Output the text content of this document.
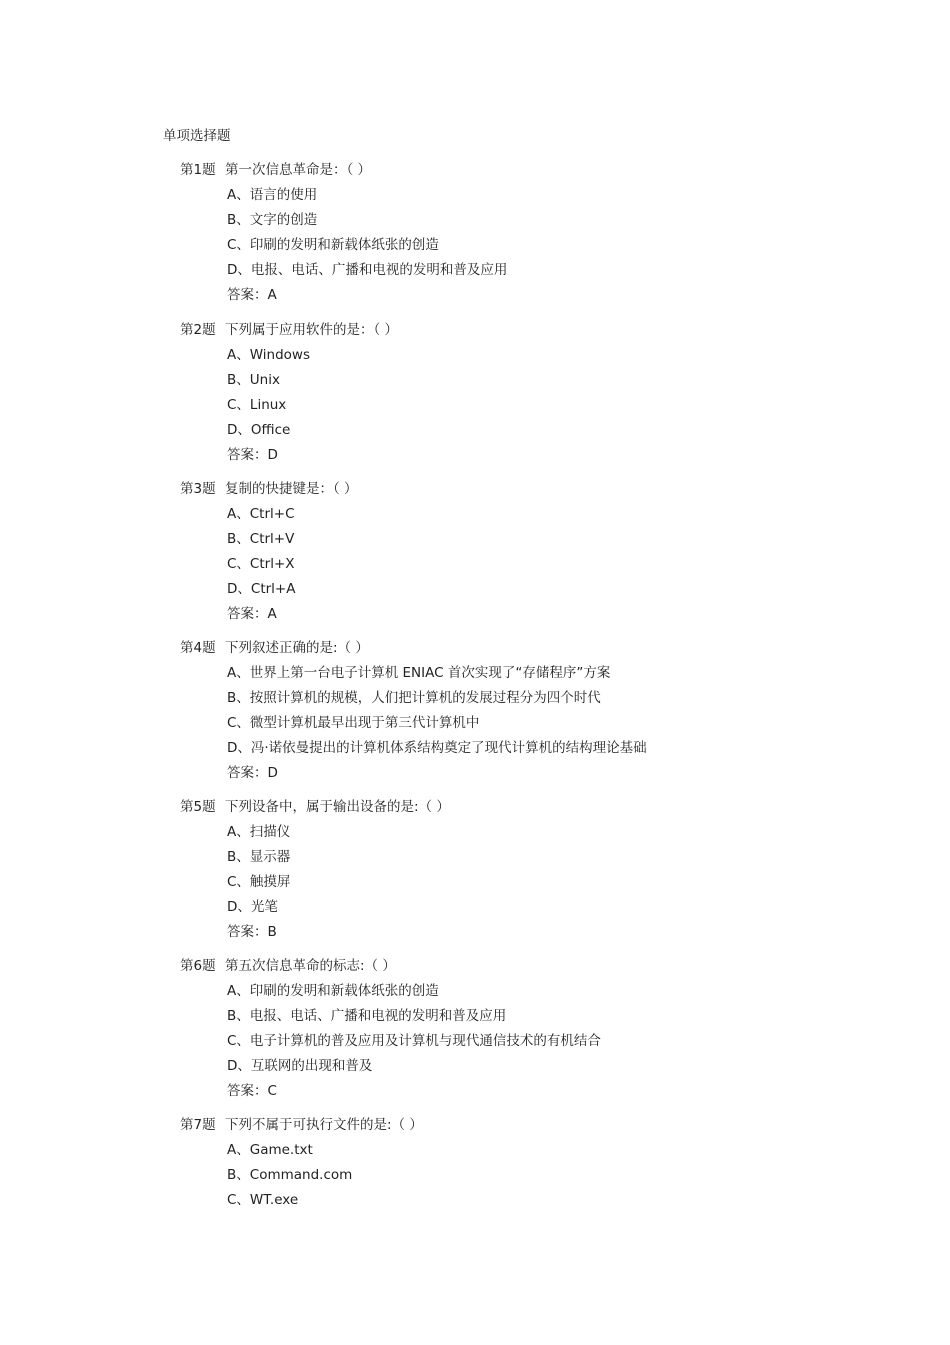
单项选择题
第1题 第一次信息革命是：（ ）
A、语言的使用
B、文字的创造
C、印刷的发明和新载体纸张的创造
D、电报、电话、广播和电视的发明和普及应用
答案：A
第2题 下列属于应用软件的是：（ ）
A、Windows
B、Unix
C、Linux
D、Office
答案：D
第3题 复制的快捷键是：（ ）
A、Ctrl+C
B、Ctrl+V
C、Ctrl+X
D、Ctrl+A
答案：A
第4题 下列叙述正确的是:（ ）
A、世界上第一台电子计算机 ENIAC 首次实现了“存储程序”方案
B、按照计算机的规模，人们把计算机的发展过程分为四个时代
C、微型计算机最早出现于第三代计算机中
D、冯·诺依曼提出的计算机体系结构奠定了现代计算机的结构理论基础
答案：D
第5题 下列设备中，属于输出设备的是:（ ）
A、扫描仪
B、显示器
C、触摸屏
D、光笔
答案：B
第6题 第五次信息革命的标志:（ ）
A、印刷的发明和新载体纸张的创造
B、电报、电话、广播和电视的发明和普及应用
C、电子计算机的普及应用及计算机与现代通信技术的有机结合
D、互联网的出现和普及
答案：C
第7题 下列不属于可执行文件的是:（ ）
A、Game.txt
B、Command.com
C、WT.exe
